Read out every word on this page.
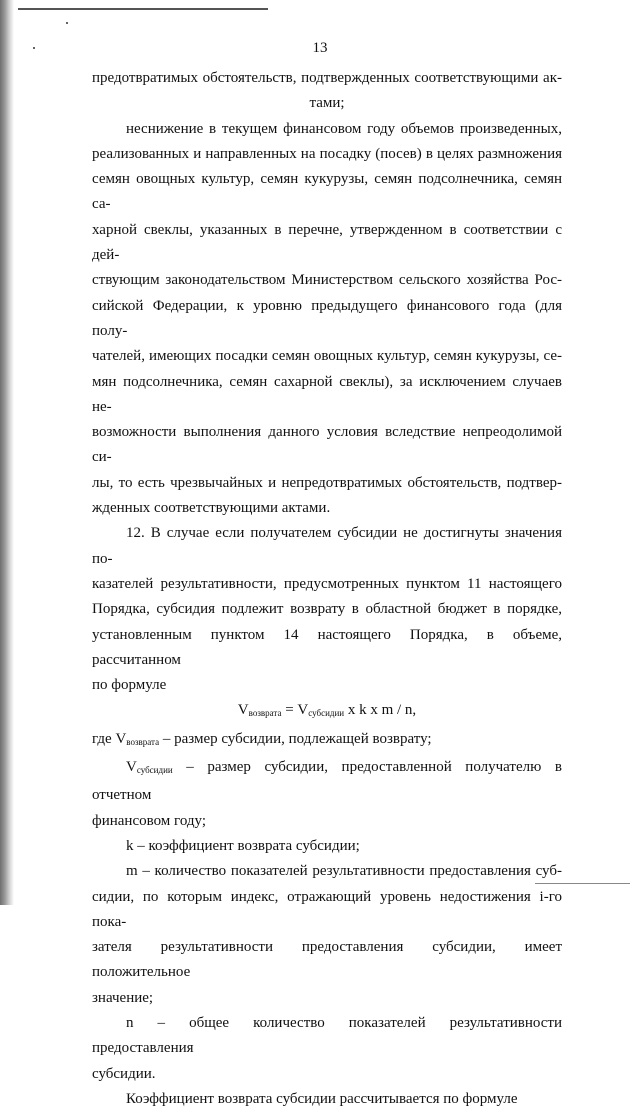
13

предотвратимых обстоятельств, подтвержденных соответствующими ак-

тами;

неснижение в текущем финансовом году объемов произведенных,

реализованных и направленных на посадку (посев) в целях размножения

семян овощных культур, семян кукурузы, семян подсолнечника, семян са-

харной свеклы, указанных в перечне, утвержденном в соответствии с дей-

ствующим законодательством Министерством сельского хозяйства Рос-

сийской Федерации, к уровню предыдущего финансового года (для полу-

чателей, имеющих посадки семян овощных культур, семян кукурузы, се-

мян подсолнечника, семян сахарной свеклы), за исключением случаев не-

возможности выполнения данного условия вследствие непреодолимой си-

лы, то есть чрезвычайных и непредотвратимых обстоятельств, подтвер-

жденных соответствующими актами.

12. В случае если получателем субсидии не достигнуты значения по-

казателей результативности, предусмотренных пунктом 11 настоящего

Порядка, субсидия подлежит возврату в областной бюджет в порядке,

установленным пунктом 14 настоящего Порядка, в объеме, рассчитанном

по формуле

$V_{возврата} = V_{субсидии}$ x k x m / n,

где $V_{возврата}$ – размер субсидии, подлежащей возврату;

$V_{субсидии}$ – размер субсидии, предоставленной получателю в отчетном

финансовом году;

k – коэффициент возврата субсидии;

m – количество показателей результативности предоставления суб-

сидии, по которым индекс, отражающий уровень недостижения i-го пока-

зателя результативности предоставления субсидии, имеет положительное

значение;

n – общее количество показателей результативности предоставления

субсидии.

Коэффициент возврата субсидии рассчитывается по формуле
